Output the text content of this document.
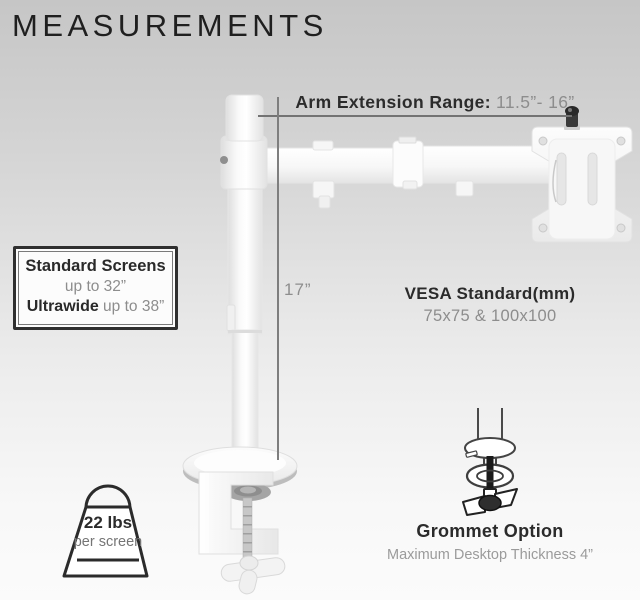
MEASUREMENTS
Arm Extension Range: 11.5”- 16”
17”
Standard Screens
up to 32”
Ultrawide up to 38”
VESA Standard(mm)
75x75 & 100x100
22 lbs
per screen
Grommet Option
Maximum Desktop Thickness 4”
